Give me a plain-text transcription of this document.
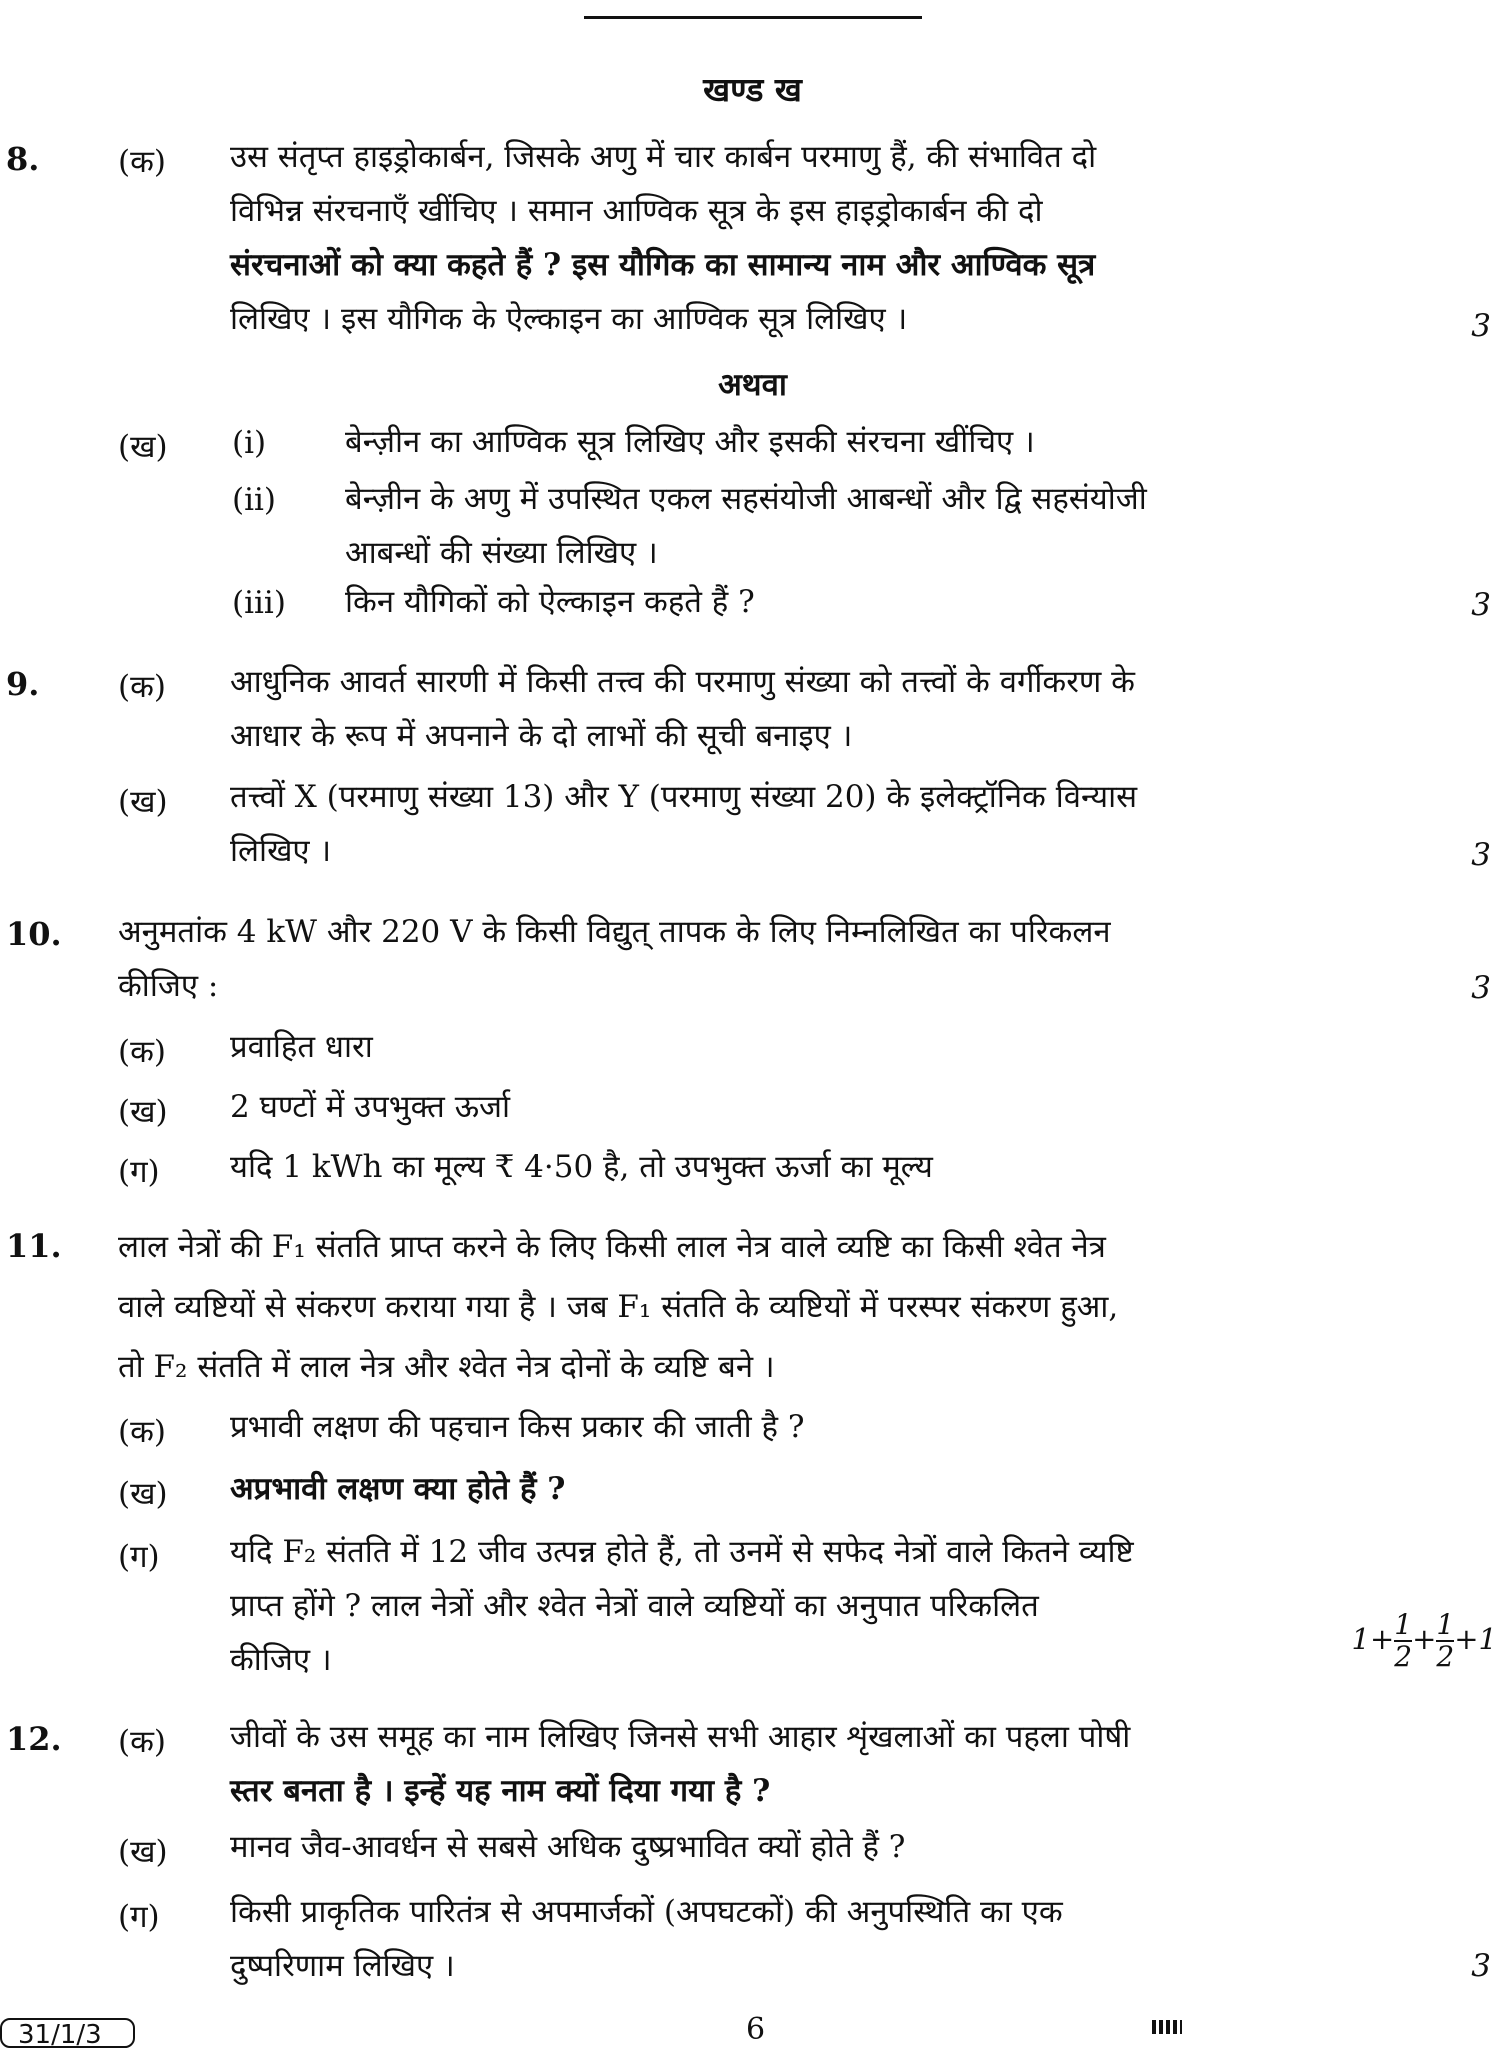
खण्ड ख
8.	(क) उस संतृप्त हाइड्रोकार्बन, जिसके अणु में चार कार्बन परमाणु हैं, की संभावित दो
विभिन्न संरचनाएँ खींचिए । समान आण्विक सूत्र के इस हाइड्रोकार्बन की दो
संरचनाओं को क्या कहते हैं ? इस यौगिक का सामान्य नाम और आण्विक सूत्र
लिखिए । इस यौगिक के ऐल्काइन का आण्विक सूत्र लिखिए ।	3
अथवा
(ख) (i)	बेन्ज़ीन का आण्विक सूत्र लिखिए और इसकी संरचना खींचिए ।
(ii) बेन्ज़ीन के अणु में उपस्थित एकल सहसंयोजी आबन्धों और द्वि सहसंयोजी
आबन्धों की संख्या लिखिए ।
(iii) किन यौगिकों को ऐल्काइन कहते हैं ?	3
9.	(क) आधुनिक आवर्त सारणी में किसी तत्त्व की परमाणु संख्या को तत्त्वों के वर्गीकरण के
आधार के रूप में अपनाने के दो लाभों की सूची बनाइए ।
(ख) तत्त्वों X (परमाणु संख्या 13) और Y (परमाणु संख्या 20) के इलेक्ट्रॉनिक विन्यास
लिखिए ।	3
10. अनुमतांक 4 kW और 220 V के किसी विद्युत् तापक के लिए निम्नलिखित का परिकलन
कीजिए :	3
(क) प्रवाहित धारा
(ख) 2 घण्टों में उपभुक्त ऊर्जा
(ग) यदि 1 kWh का मूल्य ₹ 4·50 है, तो उपभुक्त ऊर्जा का मूल्य
11. लाल नेत्रों की F₁ संतति प्राप्त करने के लिए किसी लाल नेत्र वाले व्यष्टि का किसी श्वेत नेत्र
वाले व्यष्टियों से संकरण कराया गया है । जब F₁ संतति के व्यष्टियों में परस्पर संकरण हुआ,
तो F₂ संतति में लाल नेत्र और श्वेत नेत्र दोनों के व्यष्टि बने ।
(क) प्रभावी लक्षण की पहचान किस प्रकार की जाती है ?
(ख) अप्रभावी लक्षण क्या होते हैं ?
(ग) यदि F₂ संतति में 12 जीव उत्पन्न होते हैं, तो उनमें से सफेद नेत्रों वाले कितने व्यष्टि
प्राप्त होंगे ? लाल नेत्रों और श्वेत नेत्रों वाले व्यष्टियों का अनुपात परिकलित
कीजिए ।
$1+ \frac{1}{2} + \frac{1}{2} +1$
12. (क) जीवों के उस समूह का नाम लिखिए जिनसे सभी आहार शृंखलाओं का पहला पोषी
स्तर बनता है । इन्हें यह नाम क्यों दिया गया है ?
(ख) मानव जैव-आवर्धन से सबसे अधिक दुष्प्रभावित क्यों होते हैं ?
(ग) किसी प्राकृतिक पारितंत्र से अपमार्जकों (अपघटकों) की अनुपस्थिति का एक
दुष्परिणाम लिखिए ।	3
31/1/3	6
